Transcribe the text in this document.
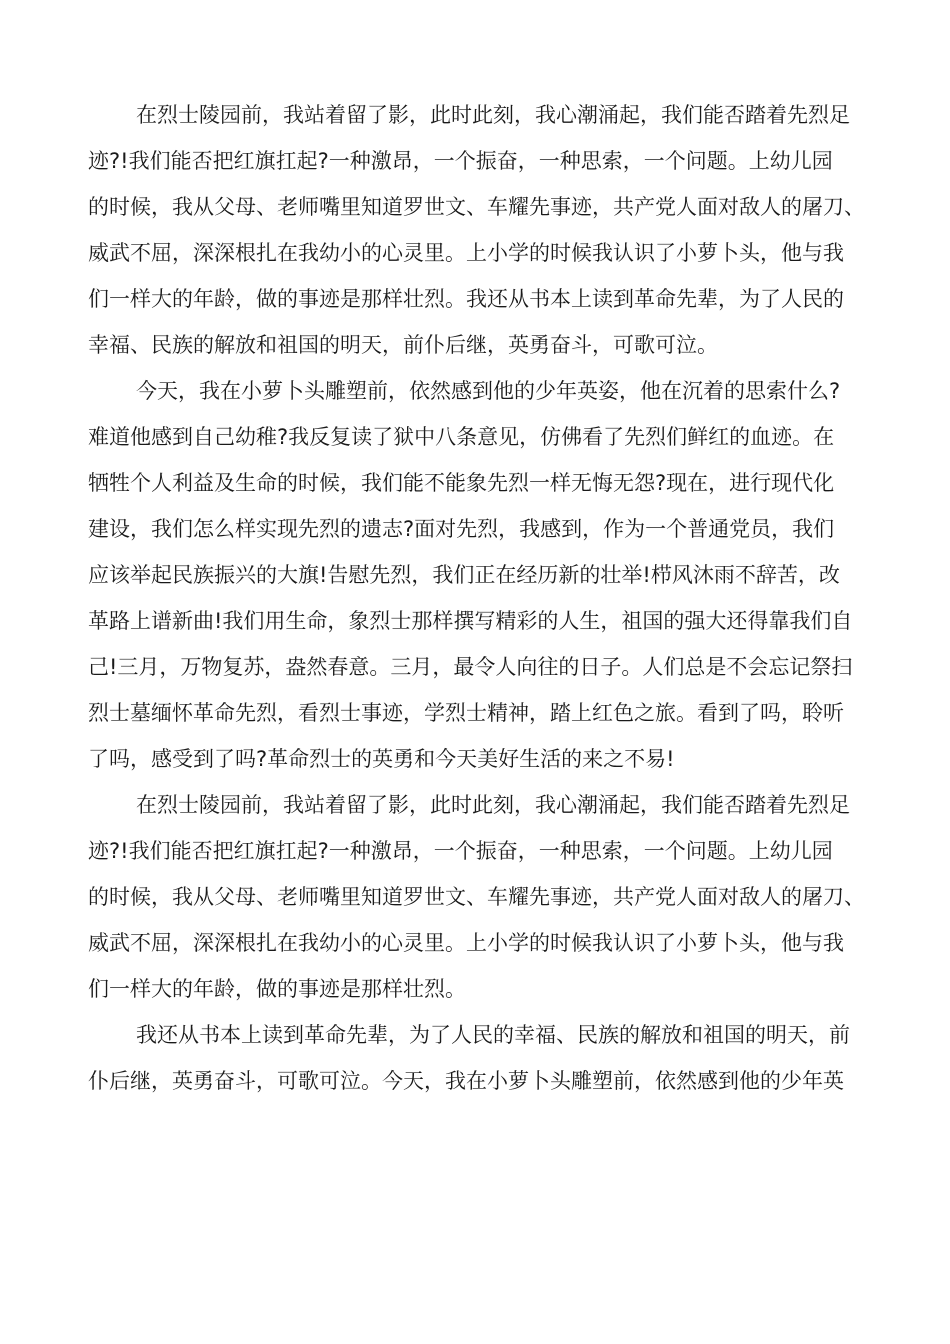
在烈士陵园前，我站着留了影，此时此刻，我心潮涌起，我们能否踏着先烈足
迹?!我们能否把红旗扛起?一种激昂，一个振奋，一种思索，一个问题。上幼儿园
的时候，我从父母、老师嘴里知道罗世文、车耀先事迹，共产党人面对敌人的屠刀、
威武不屈，深深根扎在我幼小的心灵里。上小学的时候我认识了小萝卜头，他与我
们一样大的年龄，做的事迹是那样壮烈。我还从书本上读到革命先辈，为了人民的
幸福、民族的解放和祖国的明天，前仆后继，英勇奋斗，可歌可泣。
今天，我在小萝卜头雕塑前，依然感到他的少年英姿，他在沉着的思索什么?
难道他感到自己幼稚?我反复读了狱中八条意见，仿佛看了先烈们鲜红的血迹。在
牺牲个人利益及生命的时候，我们能不能象先烈一样无悔无怨?现在，进行现代化
建设，我们怎么样实现先烈的遗志?面对先烈，我感到，作为一个普通党员，我们
应该举起民族振兴的大旗!告慰先烈，我们正在经历新的壮举!栉风沐雨不辞苦，改
革路上谱新曲!我们用生命，象烈士那样撰写精彩的人生，祖国的强大还得靠我们自
己!三月，万物复苏，盎然春意。三月，最令人向往的日子。人们总是不会忘记祭扫
烈士墓缅怀革命先烈，看烈士事迹，学烈士精神，踏上红色之旅。看到了吗，聆听
了吗，感受到了吗?革命烈士的英勇和今天美好生活的来之不易!
在烈士陵园前，我站着留了影，此时此刻，我心潮涌起，我们能否踏着先烈足
迹?!我们能否把红旗扛起?一种激昂，一个振奋，一种思索，一个问题。上幼儿园
的时候，我从父母、老师嘴里知道罗世文、车耀先事迹，共产党人面对敌人的屠刀、
威武不屈，深深根扎在我幼小的心灵里。上小学的时候我认识了小萝卜头，他与我
们一样大的年龄，做的事迹是那样壮烈。
我还从书本上读到革命先辈，为了人民的幸福、民族的解放和祖国的明天，前
仆后继，英勇奋斗，可歌可泣。今天，我在小萝卜头雕塑前，依然感到他的少年英
